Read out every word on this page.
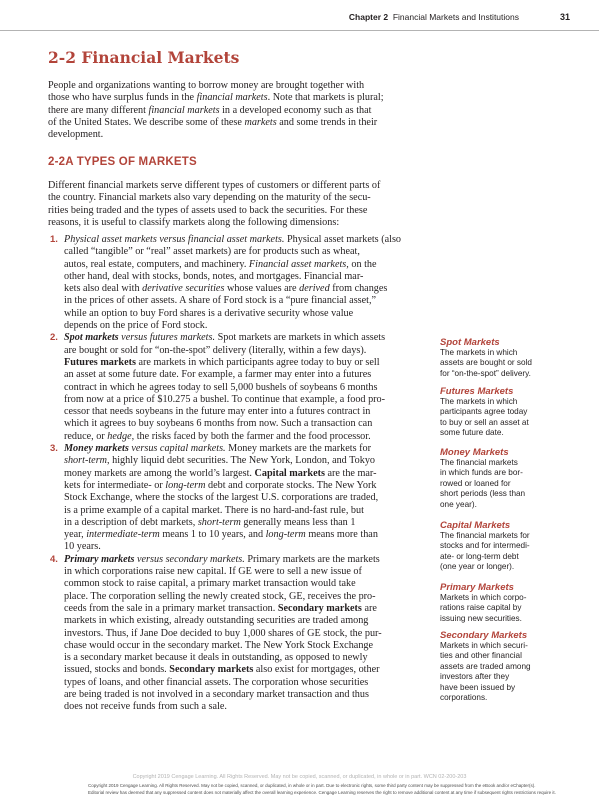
Chapter 2 Financial Markets and Institutions	31
2-2 Financial Markets

People and organizations wanting to borrow money are brought together with
those who have surplus funds in the financial markets. Note that markets is plural;
there are many different financial markets in a developed economy such as that
of the United States. We describe some of these markets and some trends in their
development.

2-2A TYPES OF MARKETS

Different financial markets serve different types of customers or different parts of
the country. Financial markets also vary depending on the maturity of the secu-
rities being traded and the types of assets used to back the securities. For these
reasons, it is useful to classify markets along the following dimensions:

1. Physical asset markets versus financial asset markets. Physical asset markets (also
called “tangible” or “real” asset markets) are for products such as wheat,
autos, real estate, computers, and machinery. Financial asset markets, on the
other hand, deal with stocks, bonds, notes, and mortgages. Financial mar-
kets also deal with derivative securities whose values are derived from changes
in the prices of other assets. A share of Ford stock is a “pure financial asset,”
while an option to buy Ford shares is a derivative security whose value
depends on the price of Ford stock.
2. Spot markets versus futures markets. Spot markets are markets in which assets
are bought or sold for “on-the-spot” delivery (literally, within a few days).
Futures markets are markets in which participants agree today to buy or sell
an asset at some future date. For example, a farmer may enter into a futures
contract in which he agrees today to sell 5,000 bushels of soybeans 6 months
from now at a price of $10.275 a bushel. To continue that example, a food pro-
cessor that needs soybeans in the future may enter into a futures contract in
which it agrees to buy soybeans 6 months from now. Such a transaction can
reduce, or hedge, the risks faced by both the farmer and the food processor.
3. Money markets versus capital markets. Money markets are the markets for
short-term, highly liquid debt securities. The New York, London, and Tokyo
money markets are among the world’s largest. Capital markets are the mar-
kets for intermediate- or long-term debt and corporate stocks. The New York
Stock Exchange, where the stocks of the largest U.S. corporations are traded,
is a prime example of a capital market. There is no hard-and-fast rule, but
in a description of debt markets, short-term generally means less than 1
year, intermediate-term means 1 to 10 years, and long-term means more than
10 years.
4. Primary markets versus secondary markets. Primary markets are the markets
in which corporations raise new capital. If GE were to sell a new issue of
common stock to raise capital, a primary market transaction would take
place. The corporation selling the newly created stock, GE, receives the pro-
ceeds from the sale in a primary market transaction. Secondary markets are
markets in which existing, already outstanding securities are traded among
investors. Thus, if Jane Doe decided to buy 1,000 shares of GE stock, the pur-
chase would occur in the secondary market. The New York Stock Exchange
is a secondary market because it deals in outstanding, as opposed to newly
issued, stocks and bonds. Secondary markets also exist for mortgages, other
types of loans, and other financial assets. The corporation whose securities
are being traded is not involved in a secondary market transaction and thus
does not receive funds from such a sale.
Spot Markets
The markets in which
assets are bought or sold
for “on-the-spot” delivery.
Futures Markets
The markets in which
participants agree today
to buy or sell an asset at
some future date.
Money Markets
The financial markets
in which funds are bor-
rowed or loaned for
short periods (less than
one year).
Capital Markets
The financial markets for
stocks and for intermedi-
ate- or long-term debt
(one year or longer).
Primary Markets
Markets in which corpo-
rations raise capital by
issuing new securities.
Secondary Markets
Markets in which securi-
ties and other financial
assets are traded among
investors after they
have been issued by
corporations.
Copyright 2019 Cengage Learning. All Rights Reserved. May not be copied, scanned, or duplicated, in whole or in part. WCN 02-200-203
Copyright 2019 Cengage Learning. All Rights Reserved. May not be copied, scanned, or duplicated, in whole or in part. Due to electronic rights, some third party content may be suppressed from the eBook and/or eChapter(s).
Editorial review has deemed that any suppressed content does not materially affect the overall learning experience. Cengage Learning reserves the right to remove additional content at any time if subsequent rights restrictions require it.
